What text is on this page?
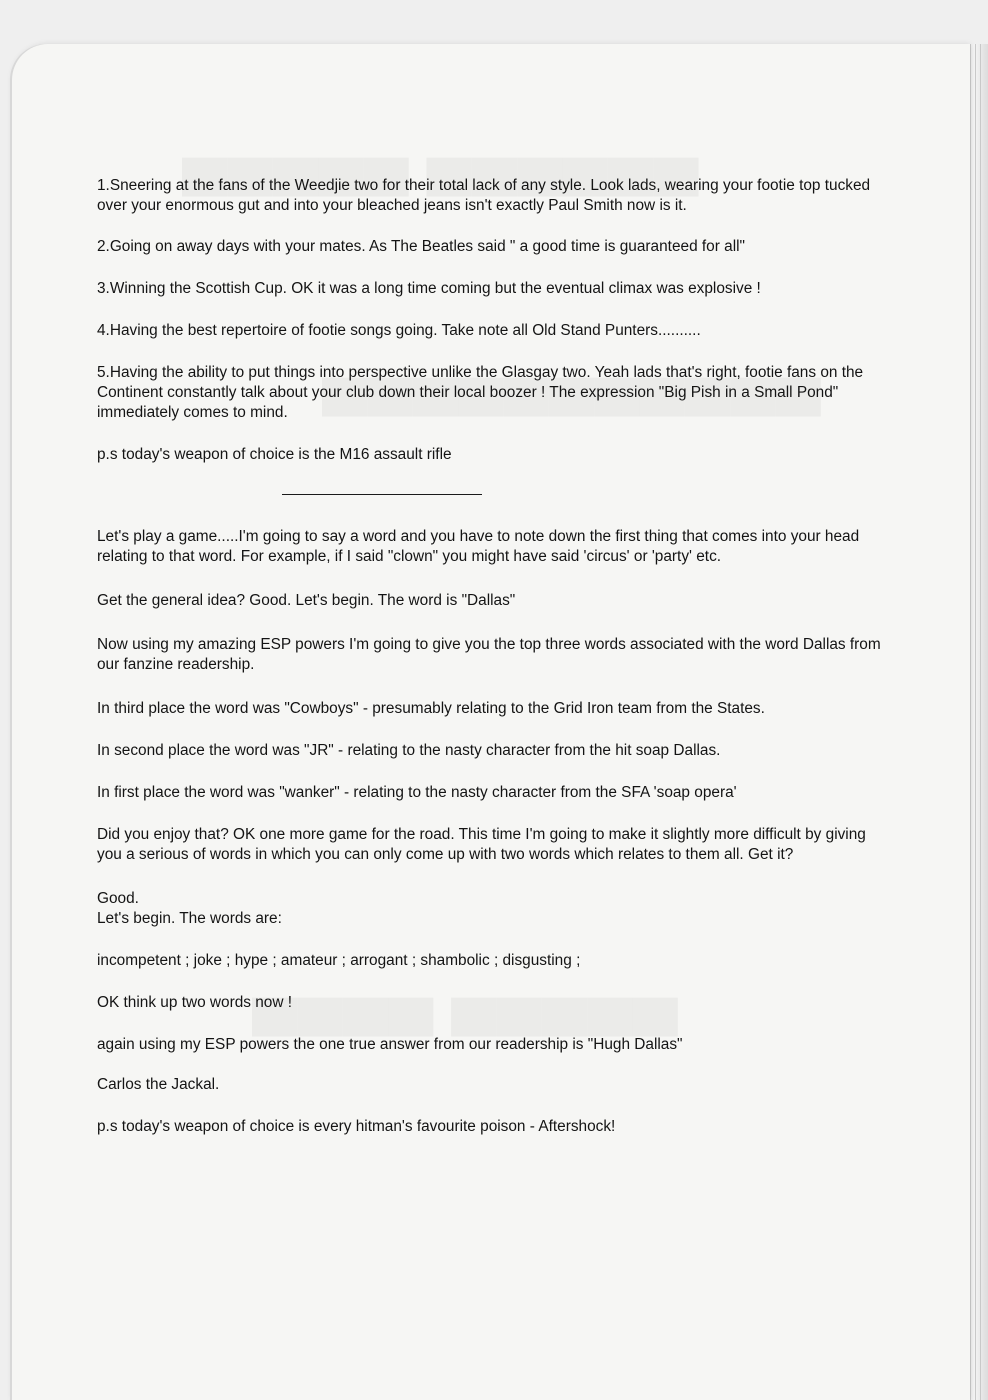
1.Sneering at the fans of the Weedjie two for their total lack of any style. Look lads, wearing your footie top tucked over your enormous gut and into your bleached jeans isn't exactly Paul Smith now is it.

2.Going on away days with your mates. As The Beatles said " a good time is guaranteed for all"

3.Winning the Scottish Cup. OK it was a long time coming but the eventual climax was explosive !

4.Having the best repertoire of footie songs going. Take note all Old Stand Punters..........

5.Having the ability to put things into perspective unlike the Glasgay two. Yeah lads that's right, footie fans on the Continent constantly talk about your club down their local boozer ! The expression "Big Pish in a Small Pond" immediately comes to mind.

p.s today's weapon of choice is the M16 assault rifle

Let's play a game.....I'm going to say a word and you have to note down the first thing that comes into your head relating to that word. For example, if I said "clown" you might have said 'circus' or 'party' etc.

Get the general idea? Good. Let's begin. The word is "Dallas"

Now using my amazing ESP powers I'm going to give you the top three words associated with the word Dallas from our fanzine readership.

In third place the word was "Cowboys" - presumably relating to the Grid Iron team from the States.

In second place the word was "JR" - relating to the nasty character from the hit soap Dallas.

In first place the word was "wanker" - relating to the nasty character from the SFA 'soap opera'

Did you enjoy that? OK one more game for the road. This time I'm going to make it slightly more difficult by giving you a serious of words in which you can only come up with two words which relates to them all. Get it?

Good.
Let's begin. The words are:

incompetent ; joke ; hype ; amateur ; arrogant ; shambolic ; disgusting ;

OK think up two words now !

again using my ESP powers the one true answer from our readership is "Hugh Dallas"

Carlos the Jackal.

p.s today's weapon of choice is every hitman's favourite poison - Aftershock!
